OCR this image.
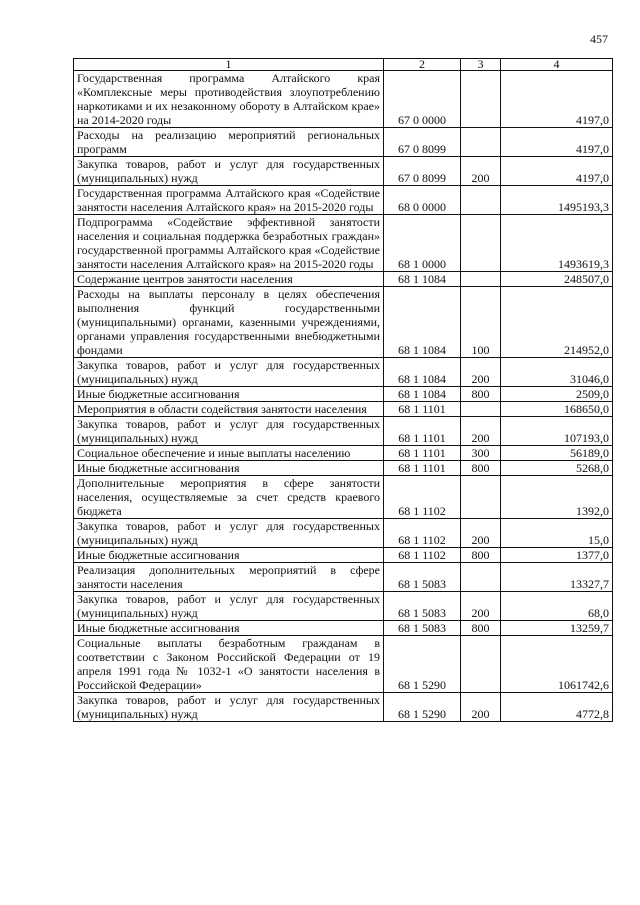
457
1	2	3	4
Государственная программа Алтайского края «Комплексные меры противодействия злоупотреблению наркотиками и их незаконному обороту в Алтайском крае» на 2014-2020 годы	67 0 0000		4197,0
Расходы на реализацию мероприятий региональных программ	67 0 8099		4197,0
Закупка товаров, работ и услуг для государственных (муниципальных) нужд	67 0 8099	200	4197,0
Государственная программа Алтайского края «Содействие занятости населения Алтайского края» на 2015-2020 годы	68 0 0000		1495193,3
Подпрограмма «Содействие эффективной занятости населения и социальная поддержка безработных граждан» государственной программы Алтайского края «Содействие занятости населения Алтайского края» на 2015-2020 годы	68 1 0000		1493619,3
Содержание центров занятости населения	68 1 1084		248507,0
Расходы на выплаты персоналу в целях обеспечения выполнения функций государственными (муниципальными) органами, казенными учреждениями, органами управления государственными внебюджетными фондами	68 1 1084	100	214952,0
Закупка товаров, работ и услуг для государственных (муниципальных) нужд	68 1 1084	200	31046,0
Иные бюджетные ассигнования	68 1 1084	800	2509,0
Мероприятия в области содействия занятости населения	68 1 1101		168650,0
Закупка товаров, работ и услуг для государственных (муниципальных) нужд	68 1 1101	200	107193,0
Социальное обеспечение и иные выплаты населению	68 1 1101	300	56189,0
Иные бюджетные ассигнования	68 1 1101	800	5268,0
Дополнительные мероприятия в сфере занятости населения, осуществляемые за счет средств краевого бюджета	68 1 1102		1392,0
Закупка товаров, работ и услуг для государственных (муниципальных) нужд	68 1 1102	200	15,0
Иные бюджетные ассигнования	68 1 1102	800	1377,0
Реализация дополнительных мероприятий в сфере занятости населения	68 1 5083		13327,7
Закупка товаров, работ и услуг для государственных (муниципальных) нужд	68 1 5083	200	68,0
Иные бюджетные ассигнования	68 1 5083	800	13259,7
Социальные выплаты безработным гражданам в соответствии с Законом Российской Федерации от 19 апреля 1991 года № 1032-1 «О занятости населения в Российской Федерации»	68 1 5290		1061742,6
Закупка товаров, работ и услуг для государственных (муниципальных) нужд	68 1 5290	200	4772,8
